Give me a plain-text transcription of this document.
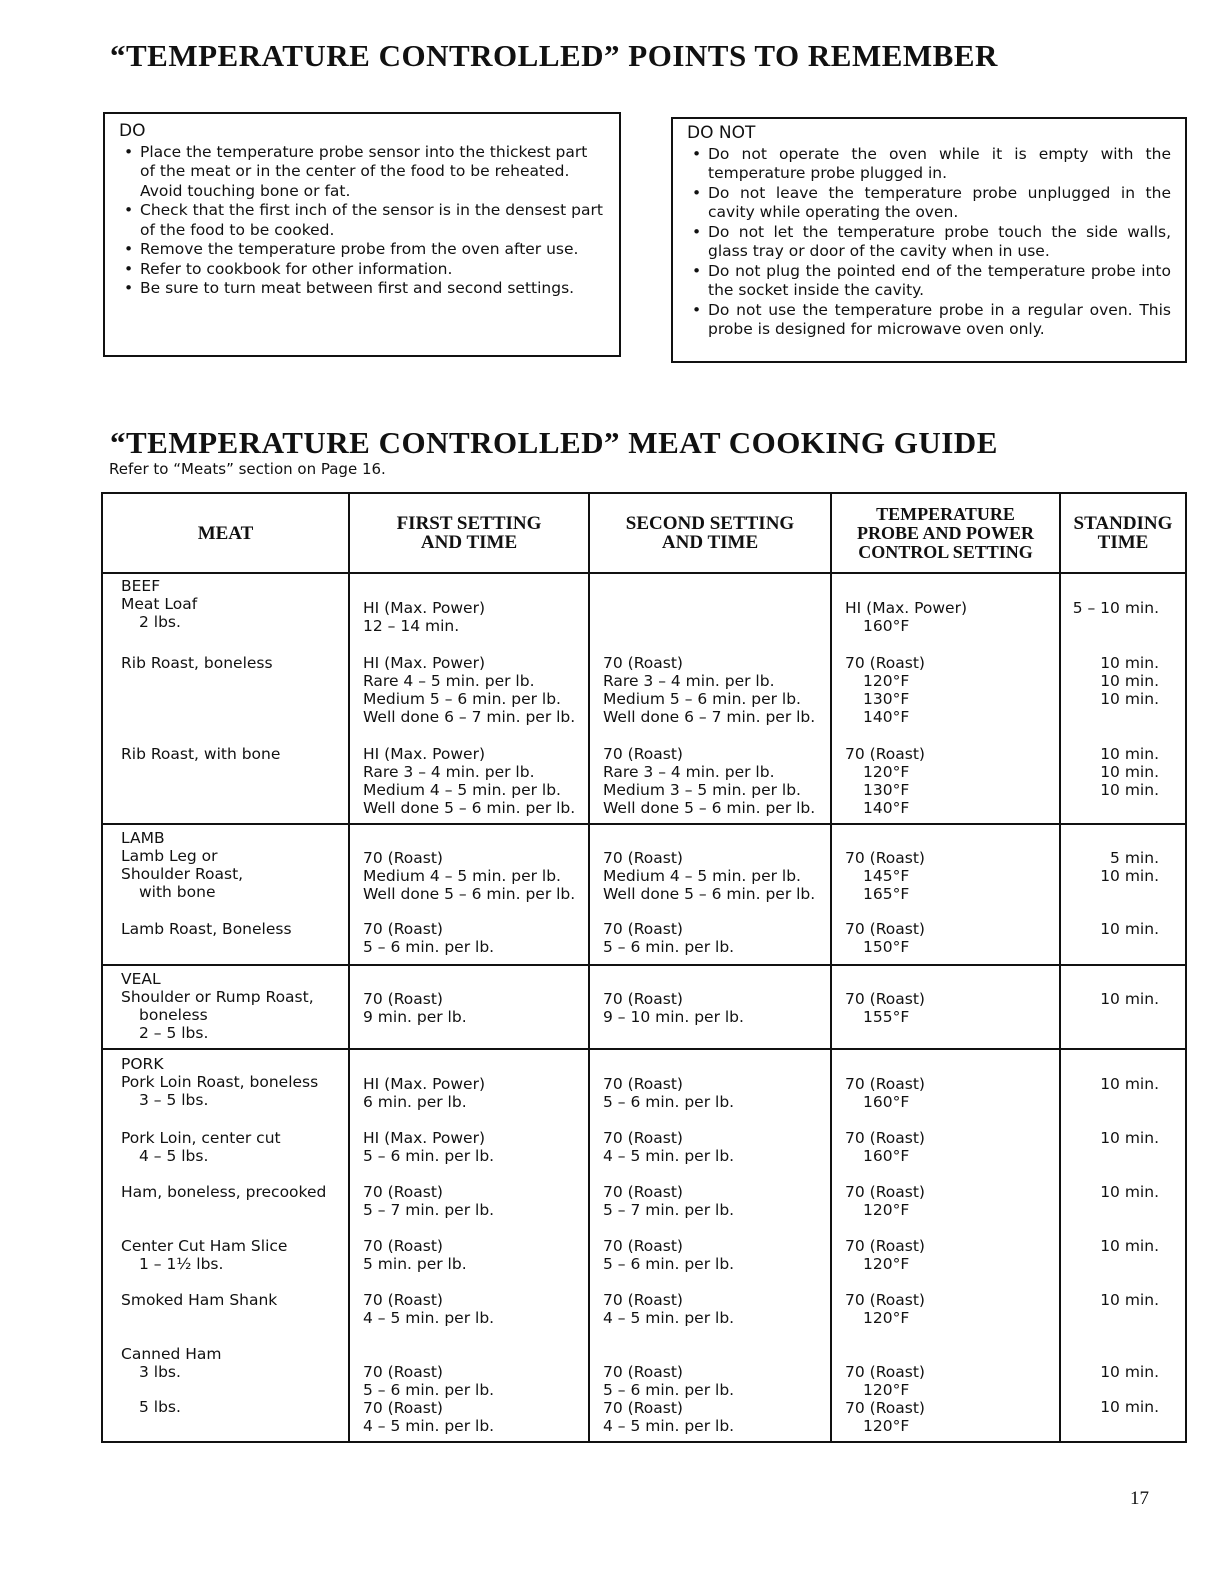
“TEMPERATURE CONTROLLED” POINTS TO REMEMBER
DO
• Place the temperature probe sensor into the thickest part of the meat or in the center of the food to be reheated. Avoid touching bone or fat.
• Check that the first inch of the sensor is in the densest part of the food to be cooked.
• Remove the temperature probe from the oven after use.
• Refer to cookbook for other information.
• Be sure to turn meat between first and second settings.
DO NOT
• Do not operate the oven while it is empty with the temperature probe plugged in.
• Do not leave the temperature probe unplugged in the cavity while operating the oven.
• Do not let the temperature probe touch the side walls, glass tray or door of the cavity when in use.
• Do not plug the pointed end of the temperature probe into the socket inside the cavity.
• Do not use the temperature probe in a regular oven. This probe is designed for microwave oven only.
“TEMPERATURE CONTROLLED” MEAT COOKING GUIDE

Refer to “Meats” section on Page 16.

MEAT	FIRST SETTING
AND TIME	SECOND SETTING
AND TIME	TEMPERATURE
PROBE AND POWER
CONTROL SETTING	STANDING
TIME

BEEF
Meat Loaf
2 lbs.	HI (Max. Power)
12 – 14 min.		HI (Max. Power)
160°F	5 – 10 min.
Rib Roast, boneless	HI (Max. Power)
Rare 4 – 5 min. per lb.
Medium 5 – 6 min. per lb.
Well done 6 – 7 min. per lb.	70 (Roast)
Rare 3 – 4 min. per lb.
Medium 5 – 6 min. per lb.
Well done 6 – 7 min. per lb.	70 (Roast)
120°F
130°F
140°F	10 min.
10 min.
10 min.

Rib Roast, with bone	HI (Max. Power)
Rare 3 – 4 min. per lb.
Medium 4 – 5 min. per lb.
Well done 5 – 6 min. per lb.	70 (Roast)
Rare 3 – 4 min. per lb.
Medium 3 – 5 min. per lb.
Well done 5 – 6 min. per lb.	70 (Roast)
120°F
130°F
140°F	10 min.
10 min.
10 min.

LAMB
Lamb Leg or
Shoulder Roast,
with bone	70 (Roast)
Medium 4 – 5 min. per lb.
Well done 5 – 6 min. per lb.	70 (Roast)
Medium 4 – 5 min. per lb.
Well done 5 – 6 min. per lb.	70 (Roast)
145°F
165°F	5 min.
10 min.

Lamb Roast, Boneless	70 (Roast)
5 – 6 min. per lb.	70 (Roast)
5 – 6 min. per lb.	70 (Roast)
150°F	10 min.

VEAL
Shoulder or Rump Roast,
boneless
2 – 5 lbs.	70 (Roast)
9 min. per lb.	70 (Roast)
9 – 10 min. per lb.	70 (Roast)
155°F	10 min.

PORK
Pork Loin Roast, boneless
3 – 5 lbs.	HI (Max. Power)
6 min. per lb.	70 (Roast)
5 – 6 min. per lb.	70 (Roast)
160°F	10 min.

Pork Loin, center cut
4 – 5 lbs.	HI (Max. Power)
5 – 6 min. per lb.	70 (Roast)
4 – 5 min. per lb.	70 (Roast)
160°F	10 min.
Ham, boneless, precooked	70 (Roast)
5 – 7 min. per lb.	70 (Roast)
5 – 7 min. per lb.	70 (Roast)
120°F	10 min.

Center Cut Ham Slice
1 – 1½ lbs.	70 (Roast)
5 min. per lb.	70 (Roast)
5 – 6 min. per lb.	70 (Roast)
120°F	10 min.
Smoked Ham Shank	70 (Roast)
4 – 5 min. per lb.	70 (Roast)
4 – 5 min. per lb.	70 (Roast)
120°F	10 min.

Canned Ham
3 lbs.
5 lbs.	70 (Roast)
5 – 6 min. per lb.
70 (Roast)
4 – 5 min. per lb.	70 (Roast)
5 – 6 min. per lb.
70 (Roast)
4 – 5 min. per lb.	70 (Roast)
120°F
70 (Roast)
120°F	10 min.
10 min.

17
